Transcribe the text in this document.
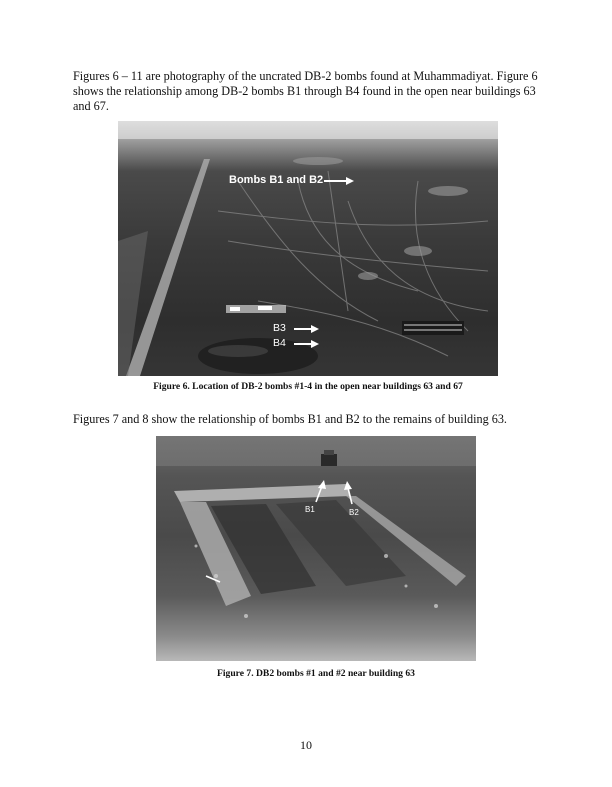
Figures 6 – 11 are photography of the uncrated DB-2 bombs found at Muhammadiyat. Figure 6 shows the relationship among DB-2 bombs B1 through B4 found in the open near buildings 63 and 67.

Bombs B1 and B2
B3
B4

Figure 6. Location of DB-2 bombs #1-4 in the open near buildings 63 and 67

Figures 7 and 8 show the relationship of bombs B1 and B2 to the remains of building 63.

B1	B2

Figure 7. DB2 bombs #1 and #2 near building 63

10
